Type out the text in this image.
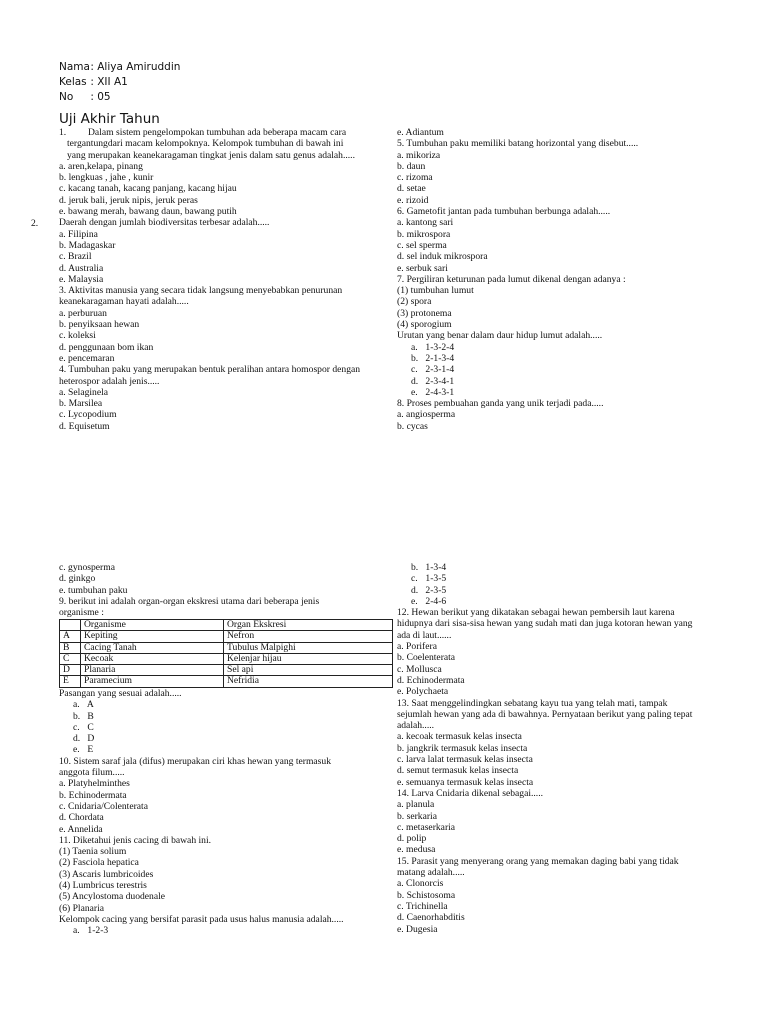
Nama : Aliya Amiruddin
Kelas : XII A1
No : 05
Uji Akhir Tahun
1.
2.
Dalam sistem pengelompokan tumbuhan ada beberapa macam cara
tergantungdari macam kelompoknya. Kelompok tumbuhan di bawah ini
yang merupakan keanekaragaman tingkat jenis dalam satu genus adalah.....
a. aren,kelapa, pinang
b. lengkuas , jahe , kunir
c. kacang tanah, kacang panjang, kacang hijau
d. jeruk bali, jeruk nipis, jeruk peras
e. bawang merah, bawang daun, bawang putih
Daerah dengan jumlah biodiversitas terbesar adalah.....
a. Filipina
b. Madagaskar
c. Brazil
d. Australia
e. Malaysia
3. Aktivitas manusia yang secara tidak langsung menyebabkan penurunan
keanekaragaman hayati adalah.....
a. perburuan
b. penyiksaan hewan
c. koleksi
d. penggunaan bom ikan
e. pencemaran
4. Tumbuhan paku yang merupakan bentuk peralihan antara homospor dengan
heterospor adalah jenis.....
a. Selaginela
b. Marsilea
c. Lycopodium
d. Equisetum
e. Adiantum
5. Tumbuhan paku memiliki batang horizontal yang disebut.....
a. mikoriza
b. daun
c. rizoma
d. setae
e. rizoid
6. Gametofit jantan pada tumbuhan berbunga adalah.....
a. kantong sari
b. mikrospora
c. sel sperma
d. sel induk mikrospora
e. serbuk sari
7. Pergiliran keturunan pada lumut dikenal dengan adanya :
(1) tumbuhan lumut
(2) spora
(3) protonema
(4) sporogium
Urutan yang benar dalam daur hidup lumut adalah.....
a. 1-3-2-4
b. 2-1-3-4
c. 2-3-1-4
d. 2-3-4-1
e. 2-4-3-1
8. Proses pembuahan ganda yang unik terjadi pada.....
a. angiosperma
b. cycas
c. gynosperma
d. ginkgo
e. tumbuhan paku
9. berikut ini adalah organ-organ ekskresi utama dari beberapa jenis
organisme :
	Organisme	Organ Ekskresi
A	Kepiting	Nefron
B	Cacing Tanah	Tubulus Malpighi
C	Kecoak	Kelenjar hijau
D	Planaria	Sel api
E	Paramecium	Nefridia
Pasangan yang sesuai adalah.....
a. A
b. B
c. C
d. D
e. E
10. Sistem saraf jala (difus) merupakan ciri khas hewan yang termasuk
anggota filum.....
a. Platyhelminthes
b. Echinodermata
c. Cnidaria/Colenterata
d. Chordata
e. Annelida
11. Diketahui jenis cacing di bawah ini.
(1) Taenia solium
(2) Fasciola hepatica
(3) Ascaris lumbricoides
(4) Lumbricus terestris
(5) Ancylostoma duodenale
(6) Planaria
Kelompok cacing yang bersifat parasit pada usus halus manusia adalah.....
a. 1-2-3
b. 1-3-4
c. 1-3-5
d. 2-3-5
e. 2-4-6
12. Hewan berikut yang dikatakan sebagai hewan pembersih laut karena
hidupnya dari sisa-sisa hewan yang sudah mati dan juga kotoran hewan yang
ada di laut......
a. Porifera
b. Coelenterata
c. Mollusca
d. Echinodermata
e. Polychaeta
13. Saat menggelindingkan sebatang kayu tua yang telah mati, tampak
sejumlah hewan yang ada di bawahnya. Pernyataan berikut yang paling tepat
adalah.....
a. kecoak termasuk kelas insecta
b. jangkrik termasuk kelas insecta
c. larva lalat termasuk kelas insecta
d. semut termasuk kelas insecta
e. semuanya termasuk kelas insecta
14. Larva Cnidaria dikenal sebagai.....
a. planula
b. serkaria
c. metaserkaria
d. polip
e. medusa
15. Parasit yang menyerang orang yang memakan daging babi yang tidak
matang adalah.....
a. Clonorcis
b. Schistosoma
c. Trichinella
d. Caenorhabditis
e. Dugesia
